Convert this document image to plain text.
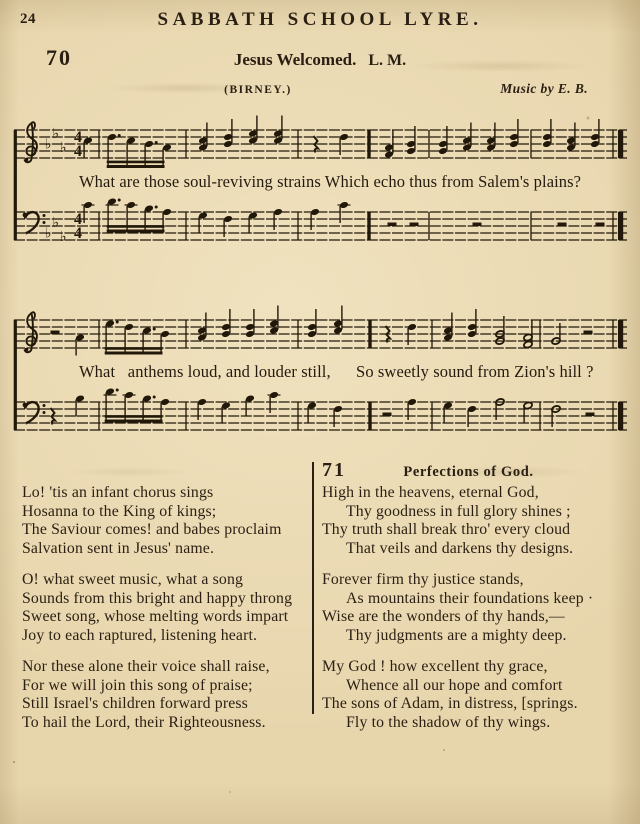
24	SABBATH SCHOOL LYRE.
70	Jesus Welcomed. L. M.
(BIRNEY.)	Music by E. B.
♭
♭
♭
4
4
♭
♭
♭
4
4
What are those soul-reviving strains Which echo thus from Salem's plains?
What   anthems loud, and louder still,      So sweetly sound from Zion's hill ?

Lo! 'tis an infant chorus sings

Hosanna to the King of kings;

The Saviour comes! and babes proclaim

Salvation sent in Jesus' name.

O! what sweet music, what a song

Sounds from this bright and happy throng

Sweet song, whose melting words impart

Joy to each raptured, listening heart.

Nor these alone their voice shall raise,

For we will join this song of praise;

Still Israel's children forward press

To hail the Lord, their Righteousness.

71	Perfections of God.

High in the heavens, eternal God,

Thy goodness in full glory shines ;

Thy truth shall break thro' every cloud

That veils and darkens thy designs.

Forever firm thy justice stands,

As mountains their foundations keep ·

Wise are the wonders of thy hands,—

Thy judgments are a mighty deep.

My God ! how excellent thy grace,

Whence all our hope and comfort

The sons of Adam, in distress, [springs.

Fly to the shadow of thy wings.
